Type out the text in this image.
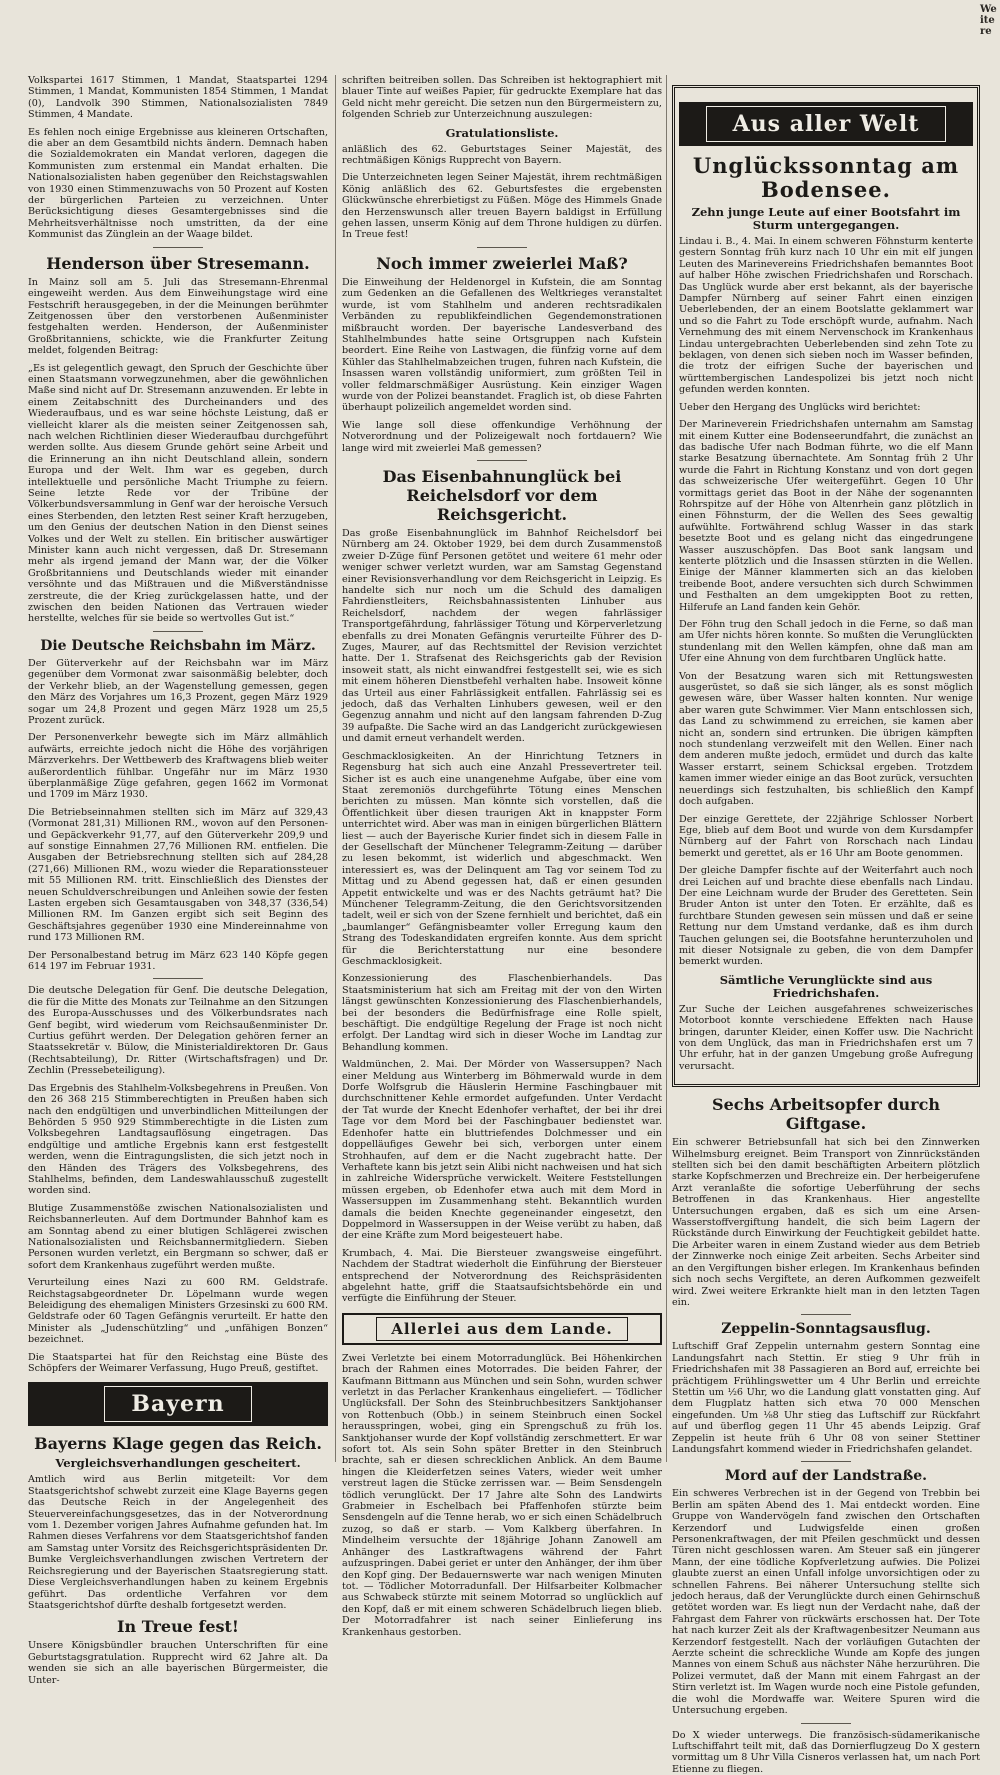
Weitere

Volkspartei 1617 Stimmen, 1 Mandat, Staatspartei 1294 Stimmen, 1 Mandat, Kommunisten 1854 Stimmen, 1 Mandat (0), Landvolk 390 Stimmen, Nationalsozialisten 7849 Stimmen, 4 Mandate.

Es fehlen noch einige Ergebnisse aus kleineren Ortschaften, die aber an dem Gesamtbild nichts ändern. Demnach haben die Sozialdemokraten ein Mandat verloren, dagegen die Kommunisten zum erstenmal ein Mandat erhalten. Die Nationalsozialisten haben gegenüber den Reichstagswahlen von 1930 einen Stimmenzuwachs von 50 Prozent auf Kosten der bürgerlichen Parteien zu verzeichnen. Unter Berücksichtigung dieses Gesamtergebnisses sind die Mehrheitsverhältnisse noch umstritten, da der eine Kommunist das Zünglein an der Waage bildet.

Henderson über Stresemann.

In Mainz soll am 5. Juli das Stresemann-Ehrenmal eingeweiht werden. Aus dem Einweihungstage wird eine Festschrift herausgegeben, in der die Meinungen berühmter Zeitgenossen über den verstorbenen Außenminister festgehalten werden. Henderson, der Außenminister Großbritanniens, schickte, wie die Frankfurter Zeitung meldet, folgenden Beitrag:

„Es ist gelegentlich gewagt, den Spruch der Geschichte über einen Staatsmann vorwegzunehmen, aber die gewöhnlichen Maße sind nicht auf Dr. Stresemann anzuwenden. Er lebte in einem Zeitabschnitt des Durcheinanders und des Wiederaufbaus, und es war seine höchste Leistung, daß er vielleicht klarer als die meisten seiner Zeitgenossen sah, nach welchen Richtlinien dieser Wiederaufbau durchgeführt werden sollte. Aus diesem Grunde gehört seine Arbeit und die Erinnerung an ihn nicht Deutschland allein, sondern Europa und der Welt. Ihm war es gegeben, durch intellektuelle und persönliche Macht Triumphe zu feiern. Seine letzte Rede vor der Tribüne der Völkerbundsversammlung in Genf war der heroische Versuch eines Sterbenden, den letzten Rest seiner Kraft herzugeben, um den Genius der deutschen Nation in den Dienst seines Volkes und der Welt zu stellen. Ein britischer auswärtiger Minister kann auch nicht vergessen, daß Dr. Stresemann mehr als irgend jemand der Mann war, der die Völker Großbritanniens und Deutschlands wieder mit einander versöhnte und das Mißtrauen und die Mißverständnisse zerstreute, die der Krieg zurückgelassen hatte, und der zwischen den beiden Nationen das Vertrauen wieder herstellte, welches für sie beide so wertvolles Gut ist.“

Die Deutsche Reichsbahn im März.

Der Güterverkehr auf der Reichsbahn war im März gegenüber dem Vormonat zwar saisonmäßig belebter, doch der Verkehr blieb, an der Wagenstellung gemessen, gegen den März des Vorjahres um 16,3 Prozent, gegen März 1929 sogar um 24,8 Prozent und gegen März 1928 um 25,5 Prozent zurück.

Der Personenverkehr bewegte sich im März allmählich aufwärts, erreichte jedoch nicht die Höhe des vorjährigen Märzverkehrs. Der Wettbewerb des Kraftwagens blieb weiter außerordentlich fühlbar. Ungefähr nur im März 1930 überplanmäßige Züge gefahren, gegen 1662 im Vormonat und 1709 im März 1930.

Die Betriebseinnahmen stellten sich im März auf 329,43 (Vormonat 281,31) Millionen RM., wovon auf den Personen- und Gepäckverkehr 91,77, auf den Güterverkehr 209,9 und auf sonstige Einnahmen 27,76 Millionen RM. entfielen. Die Ausgaben der Betriebsrechnung stellten sich auf 284,28 (271,66) Millionen RM., wozu wieder die Reparationssteuer mit 55 Millionen RM. tritt. Einschließlich des Dienstes der neuen Schuldverschreibungen und Anleihen sowie der festen Lasten ergeben sich Gesamtausgaben von 348,37 (336,54) Millionen RM. Im Ganzen ergibt sich seit Beginn des Geschäftsjahres gegenüber 1930 eine Mindereinnahme von rund 173 Millionen RM.

Der Personalbestand betrug im März 623 140 Köpfe gegen 614 197 im Februar 1931.

Die deutsche Delegation für Genf. Die deutsche Delegation, die für die Mitte des Monats zur Teilnahme an den Sitzungen des Europa-Ausschusses und des Völkerbundsrates nach Genf begibt, wird wiederum vom Reichsaußenminister Dr. Curtius geführt werden. Der Delegation gehören ferner an Staatssekretär v. Bülow, die Ministerialdirektoren Dr. Gaus (Rechtsabteilung), Dr. Ritter (Wirtschaftsfragen) und Dr. Zechlin (Pressebeteiligung).

Das Ergebnis des Stahlhelm-Volksbegehrens in Preußen. Von den 26 368 215 Stimmberechtigten in Preußen haben sich nach den endgültigen und unverbindlichen Mitteilungen der Behörden 5 950 929 Stimmberechtigte in die Listen zum Volksbegehren Landtagsauflösung eingetragen. Das endgültige und amtliche Ergebnis kann erst festgestellt werden, wenn die Eintragungslisten, die sich jetzt noch in den Händen des Trägers des Volksbegehrens, des Stahlhelms, befinden, dem Landeswahlausschuß zugestellt worden sind.

Blutige Zusammenstöße zwischen Nationalsozialisten und Reichsbannerleuten. Auf dem Dortmunder Bahnhof kam es am Sonntag abend zu einer blutigen Schlägerei zwischen Nationalsozialisten und Reichsbannermitgliedern. Sieben Personen wurden verletzt, ein Bergmann so schwer, daß er sofort dem Krankenhaus zugeführt werden mußte.

Verurteilung eines Nazi zu 600 RM. Geldstrafe. Reichstagsabgeordneter Dr. Löpelmann wurde wegen Beleidigung des ehemaligen Ministers Grzesinski zu 600 RM. Geldstrafe oder 60 Tagen Gefängnis verurteilt. Er hatte den Minister als „Judenschützling“ und „unfähigen Bonzen“ bezeichnet.

Die Staatspartei hat für den Reichstag eine Büste des Schöpfers der Weimarer Verfassung, Hugo Preuß, gestiftet.

Bayern
Bayerns Klage gegen das Reich.
Vergleichsverhandlungen gescheitert.

Amtlich wird aus Berlin mitgeteilt: Vor dem Staatsgerichtshof schwebt zurzeit eine Klage Bayerns gegen das Deutsche Reich in der Angelegenheit des Steuervereinfachungsgesetzes, das in der Notverordnung vom 1. Dezember vorigen Jahres Aufnahme gefunden hat. Im Rahmen dieses Verfahrens vor dem Staatsgerichtshof fanden am Samstag unter Vorsitz des Reichsgerichtspräsidenten Dr. Bumke Vergleichsverhandlungen zwischen Vertretern der Reichsregierung und der Bayerischen Staatsregierung statt. Diese Vergleichsverhandlungen haben zu keinem Ergebnis geführt. Das ordentliche Verfahren vor dem Staatsgerichtshof dürfte deshalb fortgesetzt werden.

In Treue fest!

Unsere Königsbündler brauchen Unterschriften für eine Geburtstagsgratulation. Rupprecht wird 62 Jahre alt. Da wenden sie sich an alle bayerischen Bürgermeister, die Unter-

schriften beitreiben sollen. Das Schreiben ist hektographiert mit blauer Tinte auf weißes Papier, für gedruckte Exemplare hat das Geld nicht mehr gereicht. Die setzen nun den Bürgermeistern zu, folgenden Schrieb zur Unterzeichnung auszulegen:

Gratulationsliste.

anläßlich des 62. Geburtstages Seiner Majestät, des rechtmäßigen Königs Rupprecht von Bayern.

Die Unterzeichneten legen Seiner Majestät, ihrem rechtmäßigen König anläßlich des 62. Geburtsfestes die ergebensten Glückwünsche ehrerbietigst zu Füßen. Möge des Himmels Gnade den Herzenswunsch aller treuen Bayern baldigst in Erfüllung gehen lassen, unserm König auf dem Throne huldigen zu dürfen. In Treue fest!

Noch immer zweierlei Maß?

Die Einweihung der Heldenorgel in Kufstein, die am Sonntag zum Gedenken an die Gefallenen des Weltkrieges veranstaltet wurde, ist vom Stahlhelm und anderen rechtsradikalen Verbänden zu republikfeindlichen Gegendemonstrationen mißbraucht worden. Der bayerische Landesverband des Stahlhelmbundes hatte seine Ortsgruppen nach Kufstein beordert. Eine Reihe von Lastwagen, die fünfzig vorne auf dem Kühler das Stahlhelmabzeichen trugen, fuhren nach Kufstein, die Insassen waren vollständig uniformiert, zum größten Teil in voller feldmarschmäßiger Ausrüstung. Kein einziger Wagen wurde von der Polizei beanstandet. Fraglich ist, ob diese Fahrten überhaupt polizeilich angemeldet worden sind.

Wie lange soll diese offenkundige Verhöhnung der Notverordnung und der Polizeigewalt noch fortdauern? Wie lange wird mit zweierlei Maß gemessen?

Das Eisenbahnunglück bei Reichelsdorf vor dem Reichsgericht.

Das große Eisenbahnunglück im Bahnhof Reichelsdorf bei Nürnberg am 24. Oktober 1929, bei dem durch Zusammenstoß zweier D-Züge fünf Personen getötet und weitere 61 mehr oder weniger schwer verletzt wurden, war am Samstag Gegenstand einer Revisionsverhandlung vor dem Reichsgericht in Leipzig. Es handelte sich nur noch um die Schuld des damaligen Fahrdienstleiters, Reichsbahnassistenten Linhuber aus Reichelsdorf, nachdem der wegen fahrlässiger Transportgefährdung, fahrlässiger Tötung und Körperverletzung ebenfalls zu drei Monaten Gefängnis verurteilte Führer des D-Zuges, Maurer, auf das Rechtsmittel der Revision verzichtet hatte. Der 1. Strafsenat des Reichsgerichts gab der Revision insoweit statt, als nicht einwandfrei festgestellt sei, wie es sich mit einem höheren Dienstbefehl verhalten habe. Insoweit könne das Urteil aus einer Fahrlässigkeit entfallen. Fahrlässig sei es jedoch, daß das Verhalten Linhubers gewesen, weil er den Gegenzug annahm und nicht auf den langsam fahrenden D-Zug 39 aufpaßte. Die Sache wird an das Landgericht zurückgewiesen und damit erneut verhandelt werden.

Geschmacklosigkeiten. An der Hinrichtung Tetzners in Regensburg hat sich auch eine Anzahl Pressevertreter teil. Sicher ist es auch eine unangenehme Aufgabe, über eine vom Staat zeremoniös durchgeführte Tötung eines Menschen berichten zu müssen. Man könnte sich vorstellen, daß die Öffentlichkeit über diesen traurigen Akt in knappster Form unterrichtet wird. Aber was man in einigen bürgerlichen Blättern liest — auch der Bayerische Kurier findet sich in diesem Falle in der Gesellschaft der Münchener Telegramm-Zeitung — darüber zu lesen bekommt, ist widerlich und abgeschmackt. Wen interessiert es, was der Delinquent am Tag vor seinem Tod zu Mittag und zu Abend gegessen hat, daß er einen gesunden Appetit entwickelte und was er des Nachts geträumt hat? Die Münchener Telegramm-Zeitung, die den Gerichtsvorsitzenden tadelt, weil er sich von der Szene fernhielt und berichtet, daß ein „baumlanger“ Gefängnisbeamter voller Erregung kaum den Strang des Todeskandidaten ergreifen konnte. Aus dem spricht für die Berichterstattung nur eine besondere Geschmacklosigkeit.

Konzessionierung des Flaschenbierhandels. Das Staatsministerium hat sich am Freitag mit der von den Wirten längst gewünschten Konzessionierung des Flaschenbierhandels, bei der besonders die Bedürfnisfrage eine Rolle spielt, beschäftigt. Die endgültige Regelung der Frage ist noch nicht erfolgt. Der Landtag wird sich in dieser Woche im Landtag zur Behandlung kommen.

Waldmünchen, 2. Mai. Der Mörder von Wassersuppen? Nach einer Meldung aus Winterberg im Böhmerwald wurde in dem Dorfe Wolfsgrub die Häuslerin Hermine Faschingbauer mit durchschnittener Kehle ermordet aufgefunden. Unter Verdacht der Tat wurde der Knecht Edenhofer verhaftet, der bei ihr drei Tage vor dem Mord bei der Faschingbauer bedienstet war. Edenhofer hatte ein bluttriefendes Dolchmesser und ein doppelläufiges Gewehr bei sich, verborgen unter einem Strohhaufen, auf dem er die Nacht zugebracht hatte. Der Verhaftete kann bis jetzt sein Alibi nicht nachweisen und hat sich in zahlreiche Widersprüche verwickelt. Weitere Feststellungen müssen ergeben, ob Edenhofer etwa auch mit dem Mord in Wassersuppen im Zusammenhang steht. Bekanntlich wurden damals die beiden Knechte gegeneinander eingesetzt, den Doppelmord in Wassersuppen in der Weise verübt zu haben, daß der eine Kräfte zum Mord beigesteuert habe.

Krumbach, 4. Mai. Die Biersteuer zwangsweise eingeführt. Nachdem der Stadtrat wiederholt die Einführung der Biersteuer entsprechend der Notverordnung des Reichspräsidenten abgelehnt hatte, griff die Staatsaufsichtsbehörde ein und verfügte die Einführung der Steuer.

Allerlei aus dem Lande.

Zwei Verletzte bei einem Motorradunglück. Bei Höhenkirchen brach der Rahmen eines Motorrades. Die beiden Fahrer, der Kaufmann Bittmann aus München und sein Sohn, wurden schwer verletzt in das Perlacher Krankenhaus eingeliefert. — Tödlicher Unglücksfall. Der Sohn des Steinbruchbesitzers Sanktjohanser von Rottenbuch (Obb.) in seinem Steinbruch einen Sockel herausspringen, wobei, ging ein Sprengschuß zu früh los. Sanktjohanser wurde der Kopf vollständig zerschmettert. Er war sofort tot. Als sein Sohn später Bretter in den Steinbruch brachte, sah er diesen schrecklichen Anblick. An dem Baume hingen die Kleiderfetzen seines Vaters, wieder weit umher verstreut lagen die Stücke zerrissen war. — Beim Sensdengeln tödlich verunglückt. Der 17 Jahre alte Sohn des Landwirts Grabmeier in Eschelbach bei Pfaffenhofen stürzte beim Sensdengeln auf die Tenne herab, wo er sich einen Schädelbruch zuzog, so daß er starb. — Vom Kalkberg überfahren. In Mindelheim versuchte der 18jährige Johann Zanowell am Anhänger des Lastkraftwagens während der Fahrt aufzuspringen. Dabei geriet er unter den Anhänger, der ihm über den Kopf ging. Der Bedauernswerte war nach wenigen Minuten tot. — Tödlicher Motorradunfall. Der Hilfsarbeiter Kolbmacher aus Schwabeck stürzte mit seinem Motorrad so unglücklich auf den Kopf, daß er mit einem schweren Schädelbruch liegen blieb. Der Motorradfahrer ist nach seiner Einlieferung ins Krankenhaus gestorben.

Aus aller Welt
Unglückssonntag am Bodensee.
Zehn junge Leute auf einer Bootsfahrt im Sturm untergegangen.

Lindau i. B., 4. Mai. In einem schweren Föhnsturm kenterte gestern Sonntag früh kurz nach 10 Uhr ein mit elf jungen Leuten des Marinevereins Friedrichshafen bemanntes Boot auf halber Höhe zwischen Friedrichshafen und Rorschach. Das Unglück wurde aber erst bekannt, als der bayerische Dampfer Nürnberg auf seiner Fahrt einen einzigen Ueberlebenden, der an einem Bootslatte geklammert war und so die Fahrt zu Tode erschöpft wurde, aufnahm. Nach Vernehmung des mit einem Nervenschock im Krankenhaus Lindau untergebrachten Ueberlebenden sind zehn Tote zu beklagen, von denen sich sieben noch im Wasser befinden, die trotz der eifrigen Suche der bayerischen und württembergischen Landespolizei bis jetzt noch nicht gefunden werden konnten.

Ueber den Hergang des Unglücks wird berichtet:

Der Marineverein Friedrichshafen unternahm am Samstag mit einem Kutter eine Bodenseerundfahrt, die zunächst an das badische Ufer nach Bodman führte, wo die elf Mann starke Besatzung übernachtete. Am Sonntag früh 2 Uhr wurde die Fahrt in Richtung Konstanz und von dort gegen das schweizerische Ufer weitergeführt. Gegen 10 Uhr vormittags geriet das Boot in der Nähe der sogenannten Rohrspitze auf der Höhe von Altenrhein ganz plötzlich in einen Föhnsturm, der die Wellen des Sees gewaltig aufwühlte. Fortwährend schlug Wasser in das stark besetzte Boot und es gelang nicht das eingedrungene Wasser auszuschöpfen. Das Boot sank langsam und kenterte plötzlich und die Insassen stürzten in die Wellen. Einige der Männer klammerten sich an das kieloben treibende Boot, andere versuchten sich durch Schwimmen und Festhalten an dem umgekippten Boot zu retten, Hilferufe an Land fanden kein Gehör.

Der Föhn trug den Schall jedoch in die Ferne, so daß man am Ufer nichts hören konnte. So mußten die Verunglückten stundenlang mit den Wellen kämpfen, ohne daß man am Ufer eine Ahnung von dem furchtbaren Unglück hatte.

Von der Besatzung waren sich mit Rettungswesten ausgerüstet, so daß sie sich länger, als es sonst möglich gewesen wäre, über Wasser halten konnten. Nur wenige aber waren gute Schwimmer. Vier Mann entschlossen sich, das Land zu schwimmend zu erreichen, sie kamen aber nicht an, sondern sind ertrunken. Die übrigen kämpften noch stundenlang verzweifelt mit den Wellen. Einer nach dem anderen mußte jedoch, ermüdet und durch das kalte Wasser erstarrt, seinem Schicksal ergeben. Trotzdem kamen immer wieder einige an das Boot zurück, versuchten neuerdings sich festzuhalten, bis schließlich den Kampf doch aufgaben.

Der einzige Gerettete, der 22jährige Schlosser Norbert Ege, blieb auf dem Boot und wurde von dem Kursdampfer Nürnberg auf der Fahrt von Rorschach nach Lindau bemerkt und gerettet, als er 16 Uhr am Boote genommen.

Der gleiche Dampfer fischte auf der Weiterfahrt auch noch drei Leichen auf und brachte diese ebenfalls nach Lindau. Der eine Leichnam wurde der Bruder des Geretteten. Sein Bruder Anton ist unter den Toten. Er erzählte, daß es furchtbare Stunden gewesen sein müssen und daß er seine Rettung nur dem Umstand verdanke, daß es ihm durch Tauchen gelungen sei, die Bootsfahne herunterzuholen und mit dieser Notsignale zu geben, die von dem Dampfer bemerkt wurden.

Sämtliche Verunglückte sind aus Friedrichshafen.

Zur Suche der Leichen ausgefahrenes schweizerisches Motorboot konnte verschiedene Effekten nach Hause bringen, darunter Kleider, einen Koffer usw. Die Nachricht von dem Unglück, das man in Friedrichshafen erst um 7 Uhr erfuhr, hat in der ganzen Umgebung große Aufregung verursacht.

Sechs Arbeitsopfer durch Giftgase.

Ein schwerer Betriebsunfall hat sich bei den Zinnwerken Wilhelmsburg ereignet. Beim Transport von Zinnrückständen stellten sich bei den damit beschäftigten Arbeitern plötzlich starke Kopfschmerzen und Brechreize ein. Der herbeigerufene Arzt veranlaßte die sofortige Ueberführung der sechs Betroffenen in das Krankenhaus. Hier angestellte Untersuchungen ergaben, daß es sich um eine Arsen-Wasserstoffvergiftung handelt, die sich beim Lagern der Rückstände durch Einwirkung der Feuchtigkeit gebildet hatte. Die Arbeiter waren in einem Zustand wieder aus dem Betrieb der Zinnwerke noch einige Zeit arbeiten. Sechs Arbeiter sind an den Vergiftungen bisher erlegen. Im Krankenhaus befinden sich noch sechs Vergiftete, an deren Aufkommen gezweifelt wird. Zwei weitere Erkrankte hielt man in den letzten Tagen ein.

Zeppelin-Sonntagsausflug.

Luftschiff Graf Zeppelin unternahm gestern Sonntag eine Landungsfahrt nach Stettin. Er stieg 9 Uhr früh in Friedrichshafen mit 38 Passagieren an Bord auf, erreichte bei prächtigem Frühlingswetter um 4 Uhr Berlin und erreichte Stettin um ½6 Uhr, wo die Landung glatt vonstatten ging. Auf dem Flugplatz hatten sich etwa 70 000 Menschen eingefunden. Um ⅛8 Uhr stieg das Luftschiff zur Rückfahrt auf und überflog gegen 11 Uhr 45 abends Leipzig. Graf Zeppelin ist heute früh 6 Uhr 08 von seiner Stettiner Landungsfahrt kommend wieder in Friedrichshafen gelandet.

Mord auf der Landstraße.

Ein schweres Verbrechen ist in der Gegend von Trebbin bei Berlin am späten Abend des 1. Mai entdeckt worden. Eine Gruppe von Wandervögeln fand zwischen den Ortschaften Kerzendorf und Ludwigsfelde einen großen Personenkraftwagen, der mit Pfeilen geschmückt und dessen Türen nicht geschlossen waren. Am Steuer saß ein jüngerer Mann, der eine tödliche Kopfverletzung aufwies. Die Polizei glaubte zuerst an einen Unfall infolge unvorsichtigen oder zu schnellen Fahrens. Bei näherer Untersuchung stellte sich jedoch heraus, daß der Verunglückte durch einen Gehirnschuß getötet worden war. Es liegt nun der Verdacht nahe, daß der Fahrgast dem Fahrer von rückwärts erschossen hat. Der Tote hat nach kurzer Zeit als der Kraftwagenbesitzer Neumann aus Kerzendorf festgestellt. Nach der vorläufigen Gutachten der Aerzte scheint die schreckliche Wunde am Kopfe des jungen Mannes von einem Schuß aus nächster Nähe herzurühren. Die Polizei vermutet, daß der Mann mit einem Fahrgast an der Stirn verletzt ist. Im Wagen wurde noch eine Pistole gefunden, die wohl die Mordwaffe war. Weitere Spuren wird die Untersuchung ergeben.

Do X wieder unterwegs. Die französisch-südamerikanische Luftschiffahrt teilt mit, daß das Dornierflugzeug Do X gestern vormittag um 8 Uhr Villa Cisneros verlassen hat, um nach Port Etienne zu fliegen.
